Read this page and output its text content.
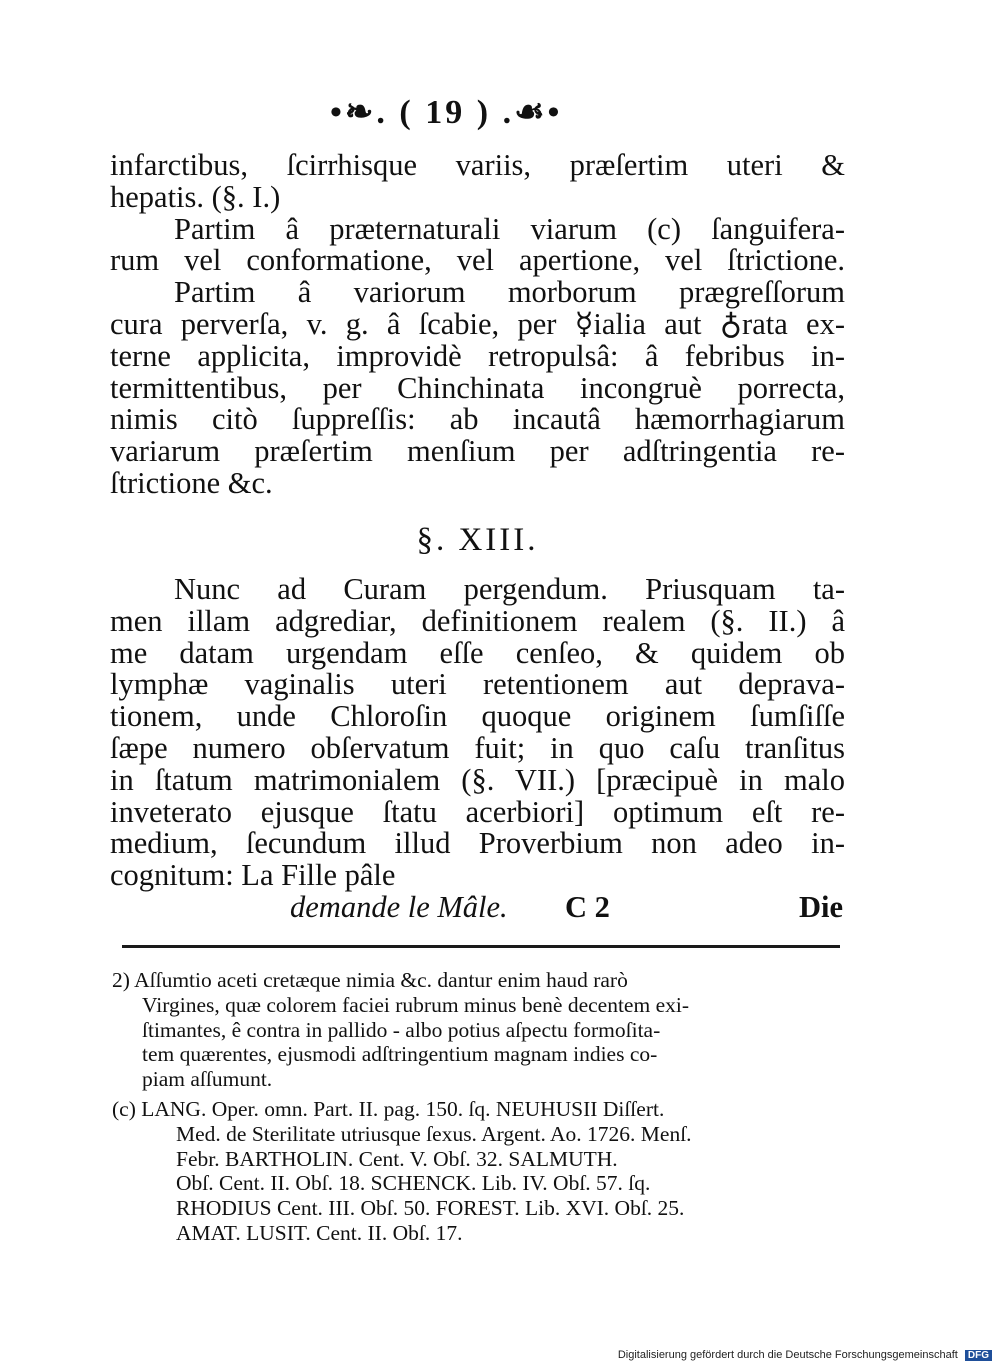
•❧. ( 19 ) .☙•
infarctibus, ſcirrhisque variis, præſertim uteri &
hepatis. (§. I.)
Partim â præternaturali viarum (c) ſanguifera-
rum vel conformatione, vel apertione, vel ſtrictione.
Partim â variorum morborum prægreſſorum
cura perverſa, v. g. â ſcabie, per ☿ialia aut ♁rata ex-
terne applicita, improvidè retropulsâ: â febribus in-
termittentibus, per Chinchinata incongruè porrecta,
nimis citò ſuppreſſis: ab incautâ hæmorrhagiarum
variarum præſertim menſium per adſtringentia re-
ſtrictione &c.
§. XIII.
Nunc ad Curam pergendum. Priusquam ta-
men illam adgrediar, definitionem realem (§. II.) â
me datam urgendam eſſe cenſeo, & quidem ob
lymphæ vaginalis uteri retentionem aut deprava-
tionem, unde Chloroſin quoque originem ſumſiſſe
ſæpe numero obſervatum fuit; in quo caſu tranſitus
in ſtatum matrimonialem (§. VII.) [præcipuè in malo
inveterato ejusque ſtatu acerbiori] optimum eſt re-
medium, ſecundum illud Proverbium non adeo in-
cognitum: La Fille pâle
demande le Mâle. C 2	Die
2) Aſſumtio aceti cretæque nimia &c. dantur enim haud rarò
Virgines, quæ colorem faciei rubrum minus benè decentem exi-
ſtimantes, ê contra in pallido - albo potius aſpectu formoſita-
tem quærentes, ejusmodi adſtringentium magnam indies co-
piam aſſumunt.
(c) LANG. Oper. omn. Part. II. pag. 150. ſq. NEUHUSII Diſſert.
Med. de Sterilitate utriusque ſexus. Argent. Ao. 1726. Menſ.
Febr. BARTHOLIN. Cent. V. Obſ. 32. SALMUTH.
Obſ. Cent. II. Obſ. 18. SCHENCK. Lib. IV. Obſ. 57. ſq.
RHODIUS Cent. III. Obſ. 50. FOREST. Lib. XVI. Obſ. 25.
AMAT. LUSIT. Cent. II. Obſ. 17.
Digitalisierung gefördert durch die Deutsche Forschungsgemeinschaft DFG
